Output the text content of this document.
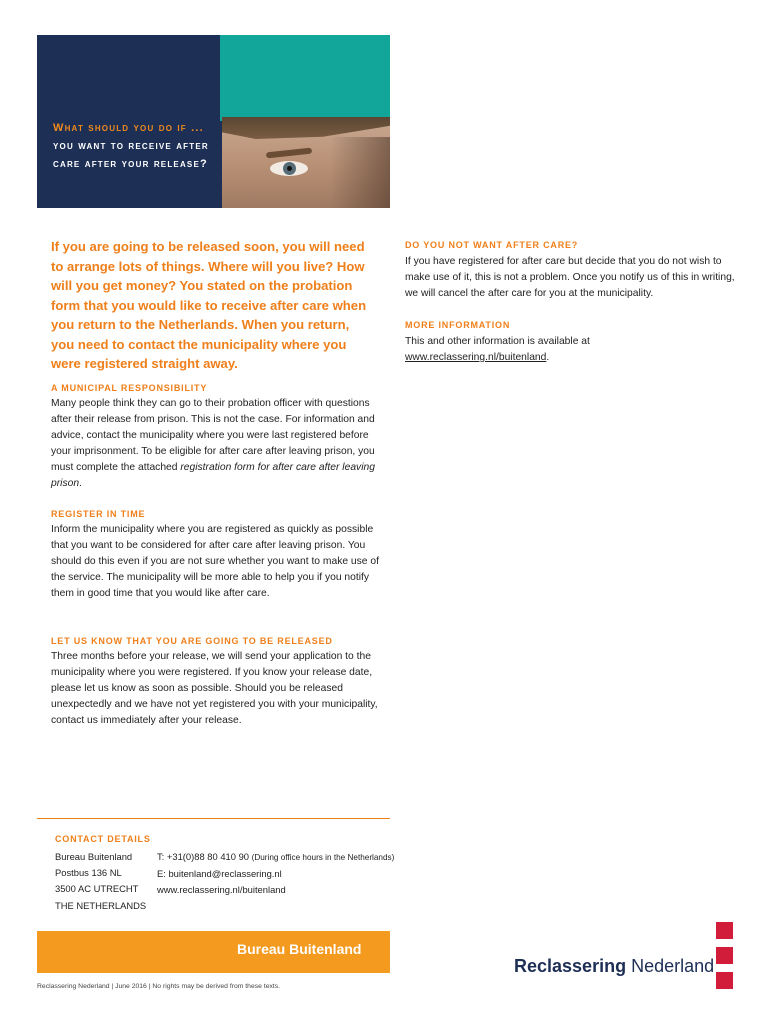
What should you do if ...
you want to receive after care after your release?
If you are going to be released soon, you will need to arrange lots of things. Where will you live? How will you get money? You stated on the probation form that you would like to receive after care when you return to the Netherlands. When you return, you need to contact the municipality where you were registered straight away.
A MUNICIPAL RESPONSIBILITY
Many people think they can go to their probation officer with questions after their release from prison. This is not the case. For information and advice, contact the municipality where you were last registered before your imprisonment. To be eligible for after care after leaving prison, you must complete the attached registration form for after care after leaving prison.
REGISTER IN TIME
Inform the municipality where you are registered as quickly as possible that you want to be considered for after care after leaving prison. You should do this even if you are not sure whether you want to make use of the service. The municipality will be more able to help you if you notify them in good time that you would like after care.
LET US KNOW THAT YOU ARE GOING TO BE RELEASED
Three months before your release, we will send your application to the municipality where you were registered. If you know your release date, please let us know as soon as possible. Should you be released unexpectedly and we have not yet registered you with your municipality, contact us immediately after your release.
DO YOU NOT WANT AFTER CARE?
If you have registered for after care but decide that you do not wish to make use of it, this is not a problem. Once you notify us of this in writing, we will cancel the after care for you at the municipality.
MORE INFORMATION
This and other information is available at
www.reclassering.nl/buitenland.
CONTACT DETAILS
Bureau Buitenland
Postbus 136 NL
3500 AC UTRECHT
THE NETHERLANDS
T: +31(0)88 80 410 90 (During office hours in the Netherlands)
E: buitenland@reclassering.nl
www.reclassering.nl/buitenland
Bureau Buitenland
Reclassering Nederland
Reclassering Nederland | June 2016 | No rights may be derived from these texts.
